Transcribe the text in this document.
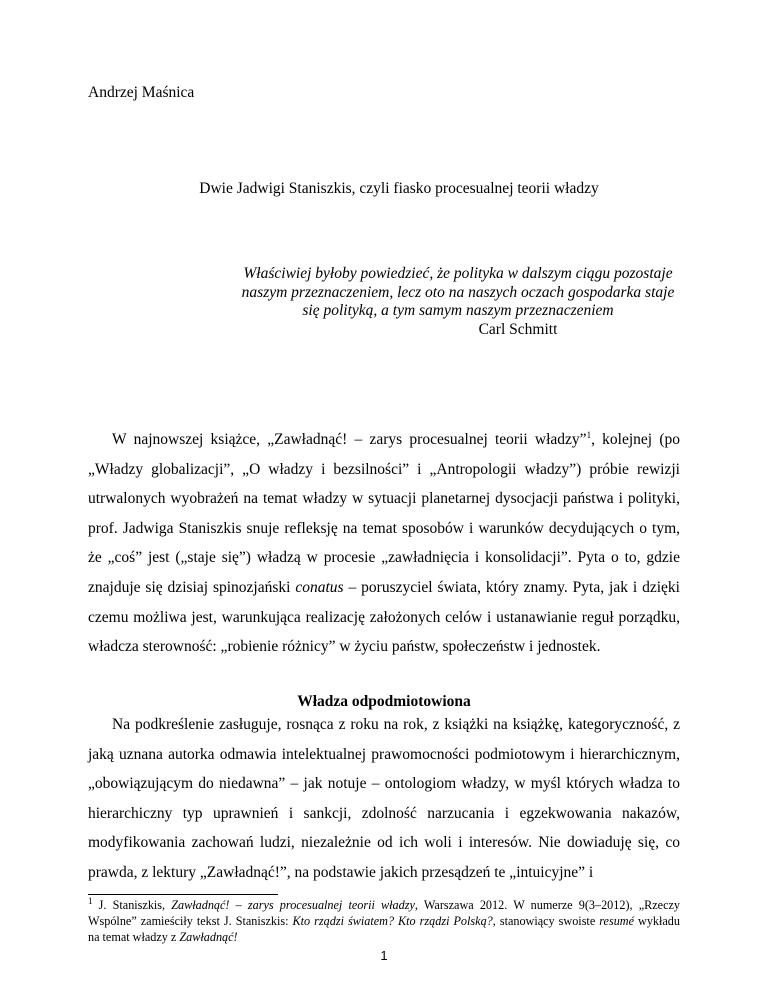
Andrzej Maśnica
Dwie Jadwigi Staniszkis, czyli fiasko procesualnej teorii władzy
Właściwiej byłoby powiedzieć, że polityka w dalszym ciągu pozostaje
naszym przeznaczeniem, lecz oto na naszych oczach gospodarka staje
się polityką, a tym samym naszym przeznaczeniem
Carl Schmitt

W najnowszej książce, „Zawładnąć! – zarys procesualnej teorii władzy”$^1$, kolejnej (po „Władzy globalizacji”, „O władzy i bezsilności” i „Antropologii władzy”) próbie rewizji utrwalonych wyobrażeń na temat władzy w sytuacji planetarnej dysocjacji państwa i polityki, prof. Jadwiga Staniszkis snuje refleksję na temat sposobów i warunków decydujących o tym, że „coś” jest („staje się”) władzą w procesie „zawładnięcia i konsolidacji”. Pyta o to, gdzie znajduje się dzisiaj spinozjański conatus – poruszyciel świata, który znamy. Pyta, jak i dzięki czemu możliwa jest, warunkująca realizację założonych celów i ustanawianie reguł porządku, władcza sterowność: „robienie różnicy” w życiu państw, społeczeństw i jednostek.

Władza odpodmiotowiona

Na podkreślenie zasługuje, rosnąca z roku na rok, z książki na książkę, kategoryczność, z jaką uznana autorka odmawia intelektualnej prawomocności podmiotowym i hierarchicznym, „obowiązującym do niedawna” – jak notuje – ontologiom władzy, w myśl których władza to hierarchiczny typ uprawnień i sankcji, zdolność narzucania i egzekwowania nakazów, modyfikowania zachowań ludzi, niezależnie od ich woli i interesów. Nie dowiaduję się, co prawda, z lektury „Zawładnąć!”, na podstawie jakich przesądzeń te „intuicyjne” i

$^1$ J. Staniszkis, Zawładnąć! – zarys procesualnej teorii władzy, Warszawa 2012. W numerze 9(3–2012), „Rzeczy Wspólne” zamieściły tekst J. Staniszkis: Kto rządzi światem? Kto rządzi Polską?, stanowiący swoiste resumé wykładu na temat władzy z Zawładnąć!

1
